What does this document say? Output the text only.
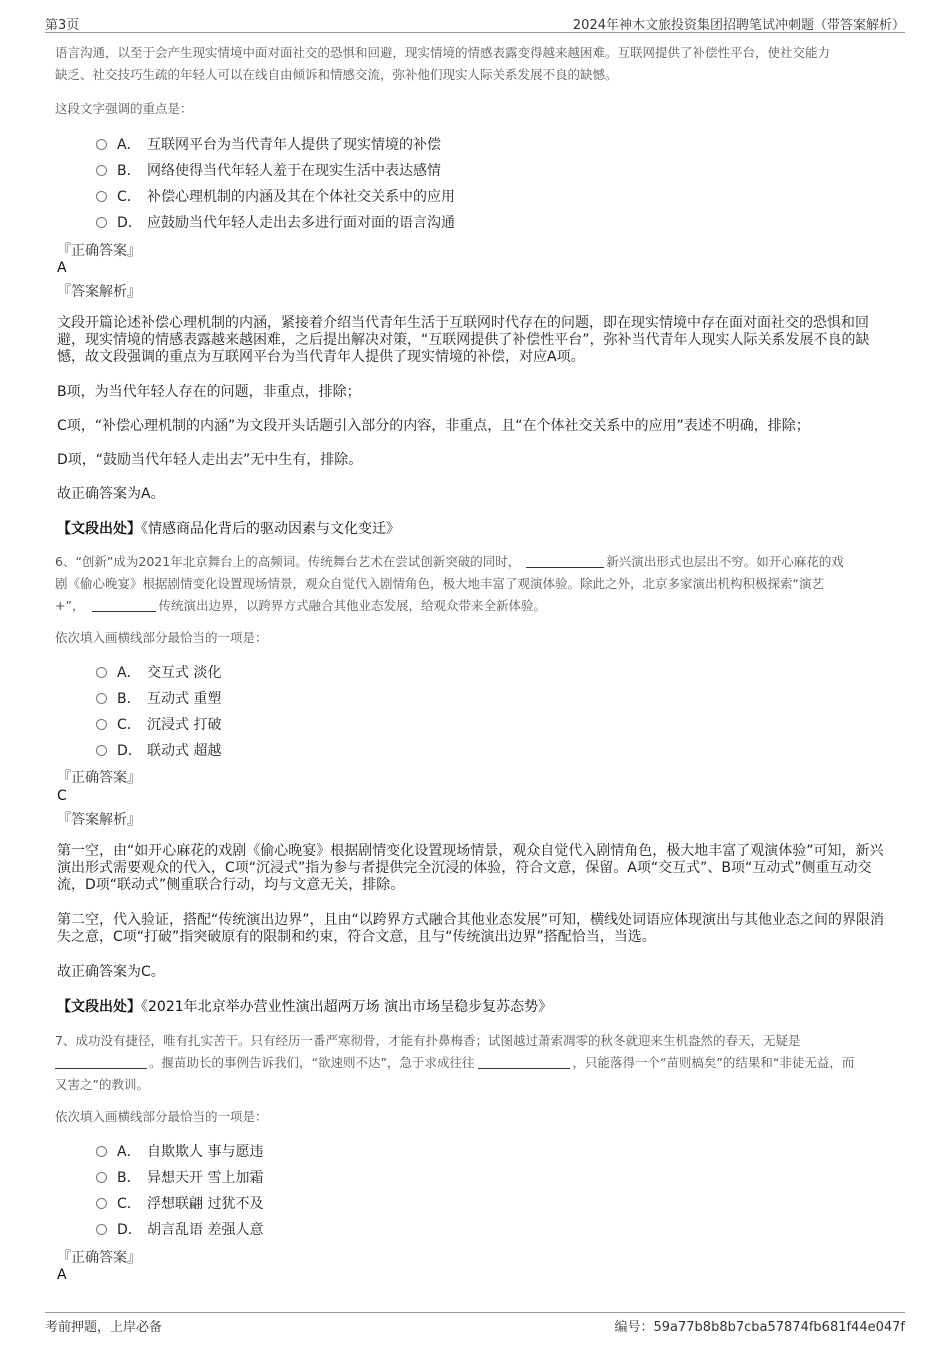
第3页	2024年神木文旅投资集团招聘笔试冲刺题（带答案解析）
语言沟通，以至于会产生现实情境中面对面社交的恐惧和回避，现实情境的情感表露变得越来越困难。互联网提供了补偿性平台，使社交能力
缺乏、社交技巧生疏的年轻人可以在线自由倾诉和情感交流，弥补他们现实人际关系发展不良的缺憾。
这段文字强调的重点是：
A． 互联网平台为当代青年人提供了现实情境的补偿
B． 网络使得当代年轻人羞于在现实生活中表达感情
C． 补偿心理机制的内涵及其在个体社交关系中的应用
D． 应鼓励当代年轻人走出去多进行面对面的语言沟通
『正确答案』
A
『答案解析』
文段开篇论述补偿心理机制的内涵，紧接着介绍当代青年生活于互联网时代存在的问题，即在现实情境中存在面对面社交的恐惧和回避，现实情境的情感表露越来越困难，之后提出解决对策，“互联网提供了补偿性平台”，弥补当代青年人现实人际关系发展不良的缺憾，故文段强调的重点为互联网平台为当代青年人提供了现实情境的补偿，对应A项。
B项，为当代年轻人存在的问题，非重点，排除；
C项，“补偿心理机制的内涵”为文段开头话题引入部分的内容，非重点，且“在个体社交关系中的应用”表述不明确，排除；
D项，“鼓励当代年轻人走出去”无中生有，排除。
故正确答案为A。
【文段出处】《情感商品化背后的驱动因素与文化变迁》
6、“创新”成为2021年北京舞台上的高频词。传统舞台艺术在尝试创新突破的同时，	新兴演出形式也层出不穷。如开心麻花的戏
剧《偷心晚宴》根据剧情变化设置现场情景，观众自觉代入剧情角色，极大地丰富了观演体验。除此之外，北京多家演出机构积极探索“演艺
+”，	传统演出边界，以跨界方式融合其他业态发展，给观众带来全新体验。
依次填入画横线部分最恰当的一项是：
A． 交互式 淡化
B． 互动式 重塑
C． 沉浸式 打破
D． 联动式 超越
『正确答案』
C
『答案解析』
第一空，由“如开心麻花的戏剧《偷心晚宴》根据剧情变化设置现场情景，观众自觉代入剧情角色，极大地丰富了观演体验”可知，新兴演出形式需要观众的代入，C项“沉浸式”指为参与者提供完全沉浸的体验，符合文意，保留。A项“交互式”、B项“互动式”侧重互动交流，D项“联动式”侧重联合行动，均与文意无关，排除。
第二空，代入验证，搭配“传统演出边界”，且由“以跨界方式融合其他业态发展”可知，横线处词语应体现演出与其他业态之间的界限消失之意，C项“打破”指突破原有的限制和约束，符合文意，且与“传统演出边界”搭配恰当，当选。
故正确答案为C。
【文段出处】《2021年北京举办营业性演出超两万场 演出市场呈稳步复苏态势》
7、成功没有捷径，唯有扎实苦干。只有经历一番严寒彻骨，才能有扑鼻梅香；试图越过萧索凋零的秋冬就迎来生机盎然的春天，无疑是
。揠苗助长的事例告诉我们，“欲速则不达”，急于求成往往	，只能落得一个“苗则槁矣”的结果和“非徒无益，而
又害之”的教训。
依次填入画横线部分最恰当的一项是：
A． 自欺欺人 事与愿违
B． 异想天开 雪上加霜
C． 浮想联翩 过犹不及
D． 胡言乱语 差强人意
『正确答案』
A
考前押题，上岸必备	编号：59a77b8b8b7cba57874fb681f44e047f
